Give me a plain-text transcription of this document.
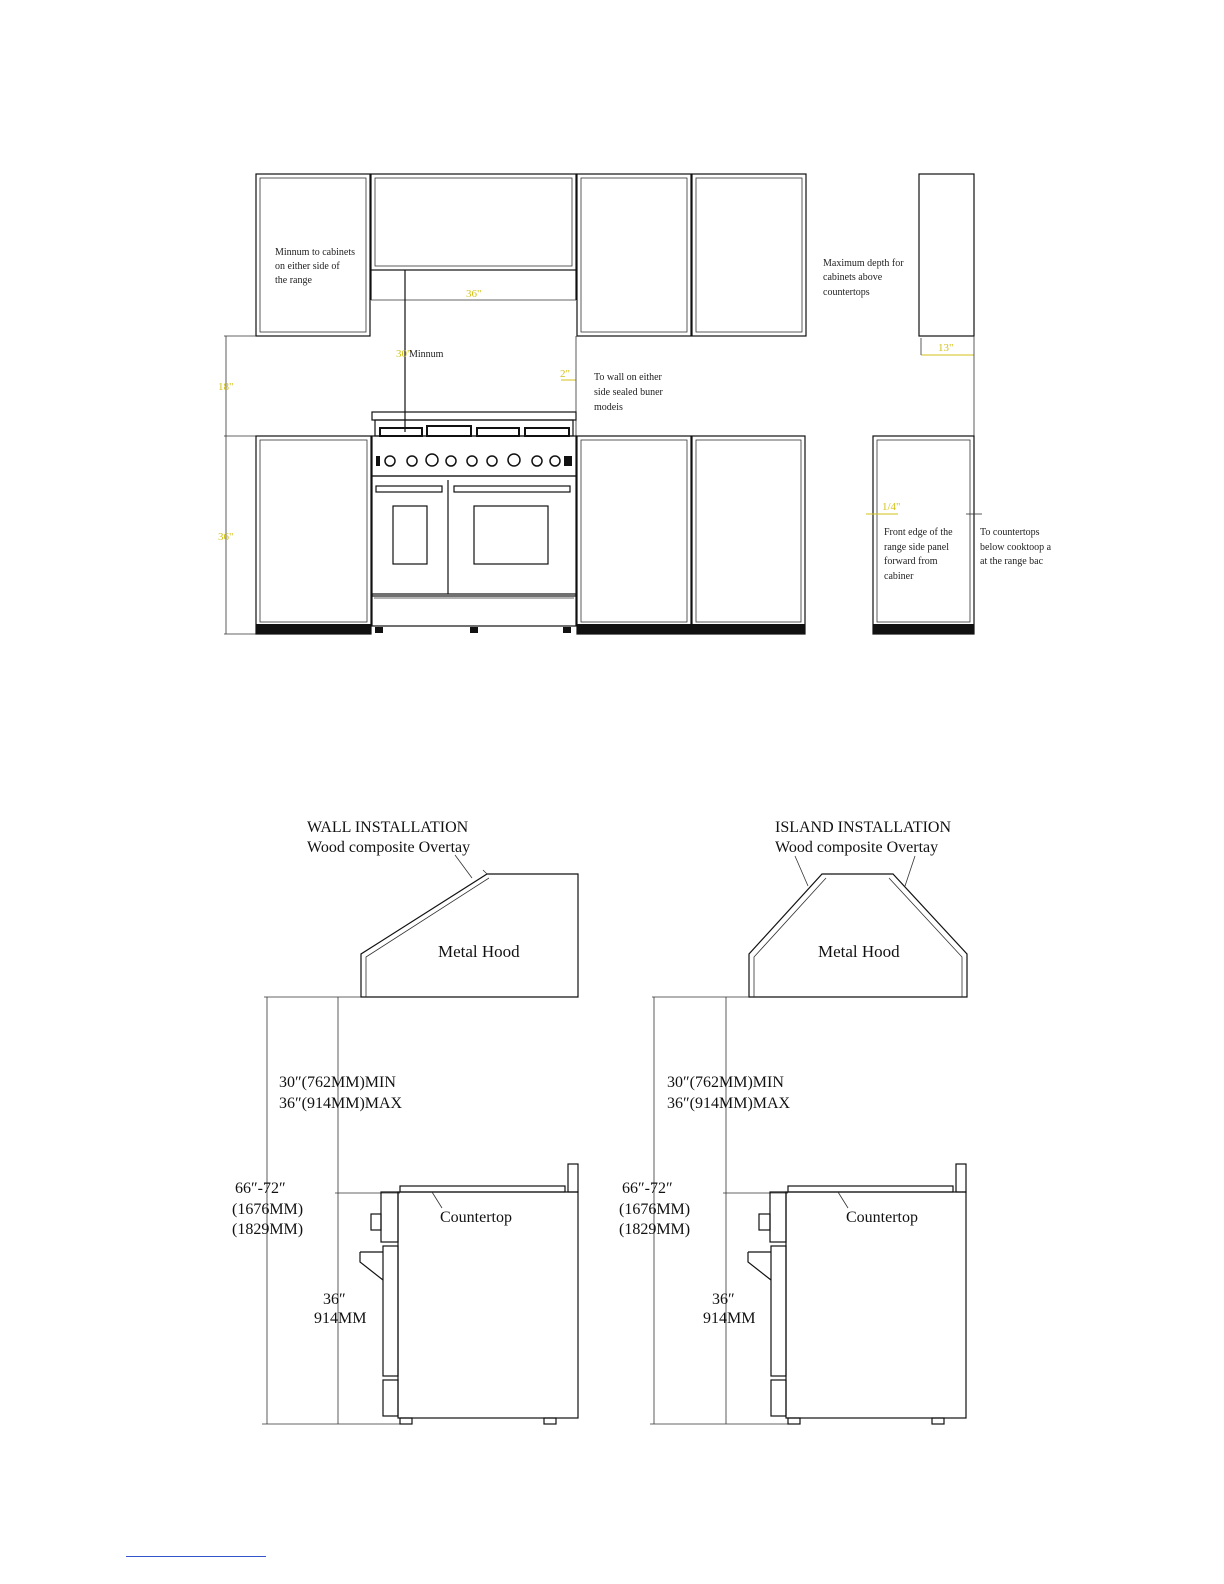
Minnum to cabinets on either side of the range
36"
Maximum depth for cabinets above countertops
13"
30"
Minnum
2" To wall on either side sealed buner modeis
18"
36"
1/4"
Front edge of the range side panel forward from cabiner
To countertops below cooktoop a at the range bac
WALL INSTALLATION
Wood composite Overtay
Metal Hood
30″(762MM)MIN 36″(914MM)MAX
66″-72″ (1676MM) (1829MM)
36″ 914MM
Countertop
ISLAND INSTALLATION
Wood composite Overtay
Metal Hood
30″(762MM)MIN 36″(914MM)MAX
66″-72″ (1676MM) (1829MM)
36″ 914MM
Countertop
